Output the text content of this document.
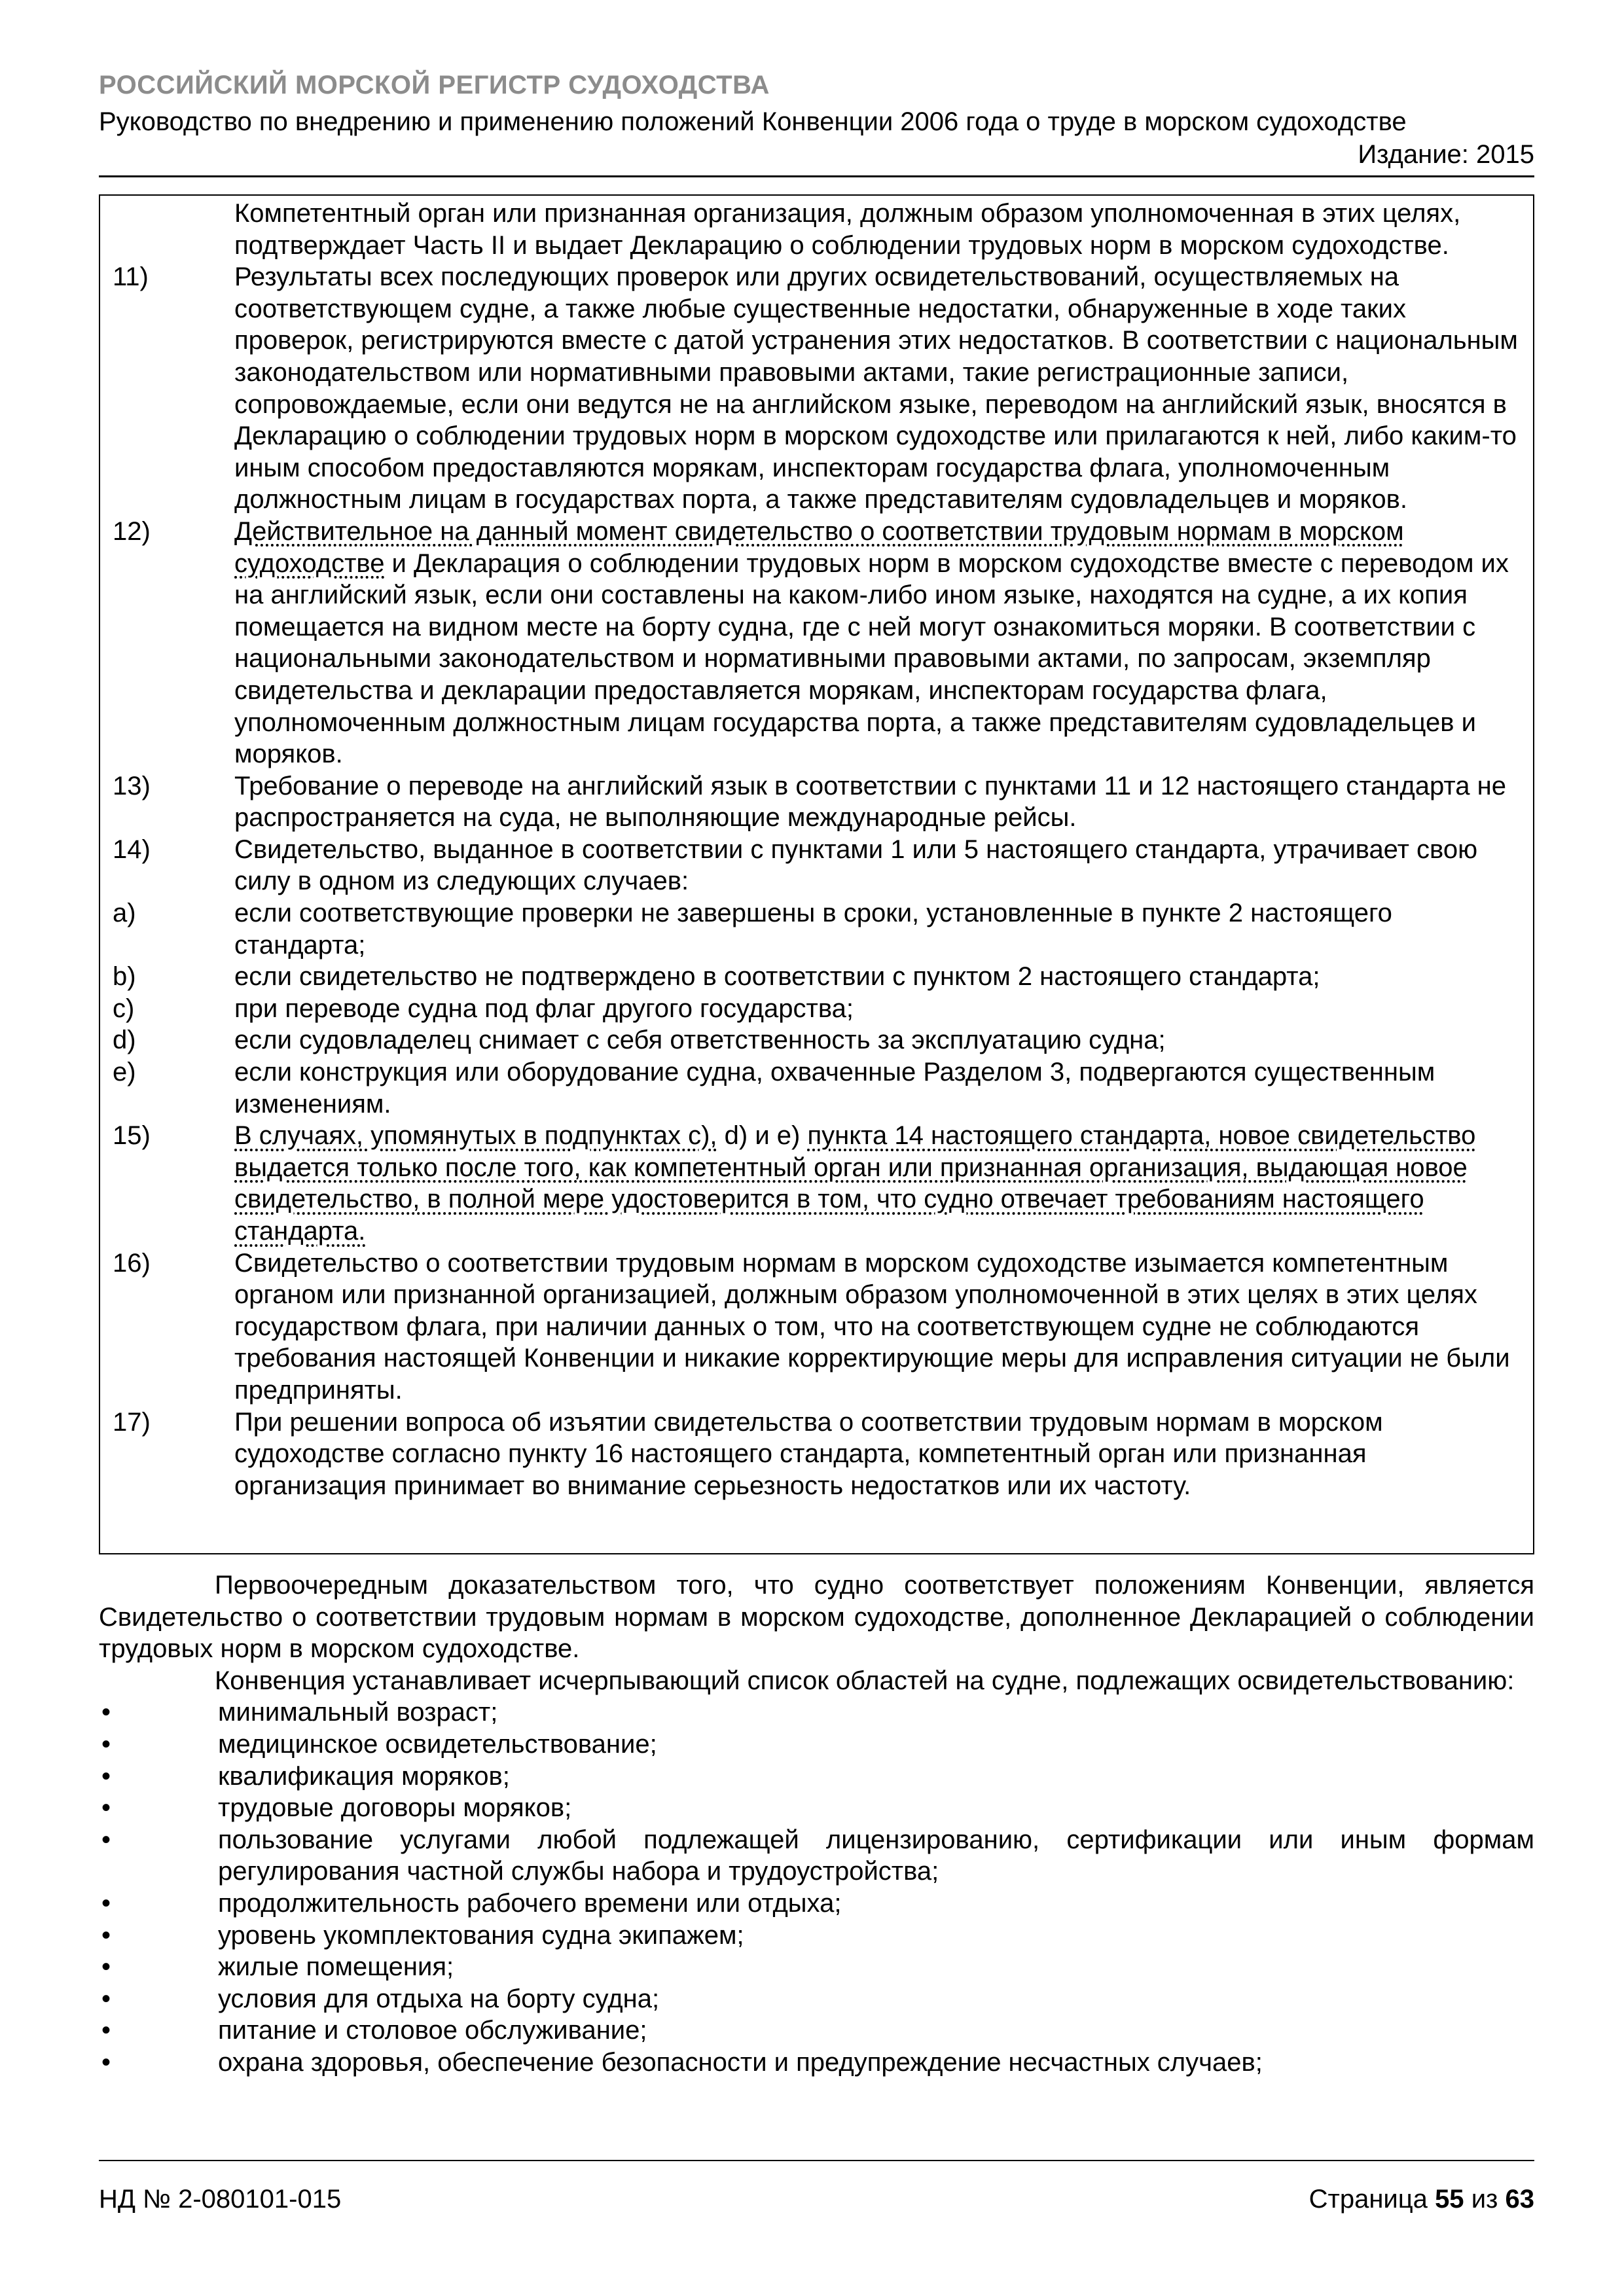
РОССИЙСКИЙ МОРСКОЙ РЕГИСТР СУДОХОДСТВА
Руководство по внедрению и применению положений Конвенции 2006 года о труде в морском судоходстве
Издание: 2015
Компетентный орган или признанная организация, должным образом уполномоченная в этих целях, подтверждает Часть II и выдает Декларацию о соблюдении трудовых норм в морском судоходстве.
11)	Результаты всех последующих проверок или других освидетельствований, осуществляемых на соответствующем судне, а также любые существенные недостатки, обнаруженные в ходе таких проверок, регистрируются вместе с датой устранения этих недостатков. В соответствии с национальным законодательством или нормативными правовыми актами, такие регистрационные записи, сопровождаемые, если они ведутся не на английском языке, переводом на английский язык, вносятся в Декларацию о соблюдении трудовых норм в морском судоходстве или прилагаются к ней, либо каким-то иным способом предоставляются морякам, инспекторам государства флага, уполномоченным должностным лицам в государствах порта, а также представителям судовладельцев и моряков.
12)	Действительное на данный момент свидетельство о соответствии трудовым нормам в морском судоходстве и Декларация о соблюдении трудовых норм в морском судоходстве вместе с переводом их на английский язык, если они составлены на каком-либо ином языке, находятся на судне, а их копия помещается на видном месте на борту судна, где с ней могут ознакомиться моряки. В соответствии с национальными законодательством и нормативными правовыми актами, по запросам, экземпляр свидетельства и декларации предоставляется морякам, инспекторам государства флага, уполномоченным должностным лицам государства порта, а также представителям судовладельцев и моряков.
13)	Требование о переводе на английский язык в соответствии с пунктами 11 и 12 настоящего стандарта не распространяется на суда, не выполняющие международные рейсы.
14)	Свидетельство, выданное в соответствии с пунктами 1 или 5 настоящего стандарта, утрачивает свою силу в одном из следующих случаев:
a)	если соответствующие проверки не завершены в сроки, установленные в пункте 2 настоящего стандарта;
b)	если свидетельство не подтверждено в соответствии с пунктом 2 настоящего стандарта;
c)	при переводе судна под флаг другого государства;
d)	если судовладелец снимает с себя ответственность за эксплуатацию судна;
e)	если конструкция или оборудование судна, охваченные Разделом 3, подвергаются существенным изменениям.
15)	В случаях, упомянутых в подпунктах c), d) и e) пункта 14 настоящего стандарта, новое свидетельство выдается только после того, как компетентный орган или признанная организация, выдающая новое свидетельство, в полной мере удостоверится в том, что судно отвечает требованиям настоящего стандарта.
16)	Свидетельство о соответствии трудовым нормам в морском судоходстве изымается компетентным органом или признанной организацией, должным образом уполномоченной в этих целях в этих целях государством флага, при наличии данных о том, что на соответствующем судне не соблюдаются требования настоящей Конвенции и никакие корректирующие меры для исправления ситуации не были предприняты.
17)	При решении вопроса об изъятии свидетельства о соответствии трудовым нормам в морском судоходстве согласно пункту 16 настоящего стандарта, компетентный орган или признанная организация принимает во внимание серьезность недостатков или их частоту.

Первоочередным доказательством того, что судно соответствует положениям Конвенции, является Свидетельство о соответствии трудовым нормам в морском судоходстве, дополненное Декларацией о соблюдении трудовых норм в морском судоходстве.

Конвенция устанавливает исчерпывающий список областей на судне, подлежащих освидетельствованию:

•	минимальный возраст;
•	медицинское освидетельствование;
•	квалификация моряков;
•	трудовые договоры моряков;
•	пользование услугами любой подлежащей лицензированию, сертификации или иным формам регулирования частной службы набора и трудоустройства;
•	продолжительность рабочего времени или отдыха;
•	уровень укомплектования судна экипажем;
•	жилые помещения;
•	условия для отдыха на борту судна;
•	питание и столовое обслуживание;
•	охрана здоровья, обеспечение безопасности и предупреждение несчастных случаев;
НД № 2-080101-015	Страница 55 из 63
